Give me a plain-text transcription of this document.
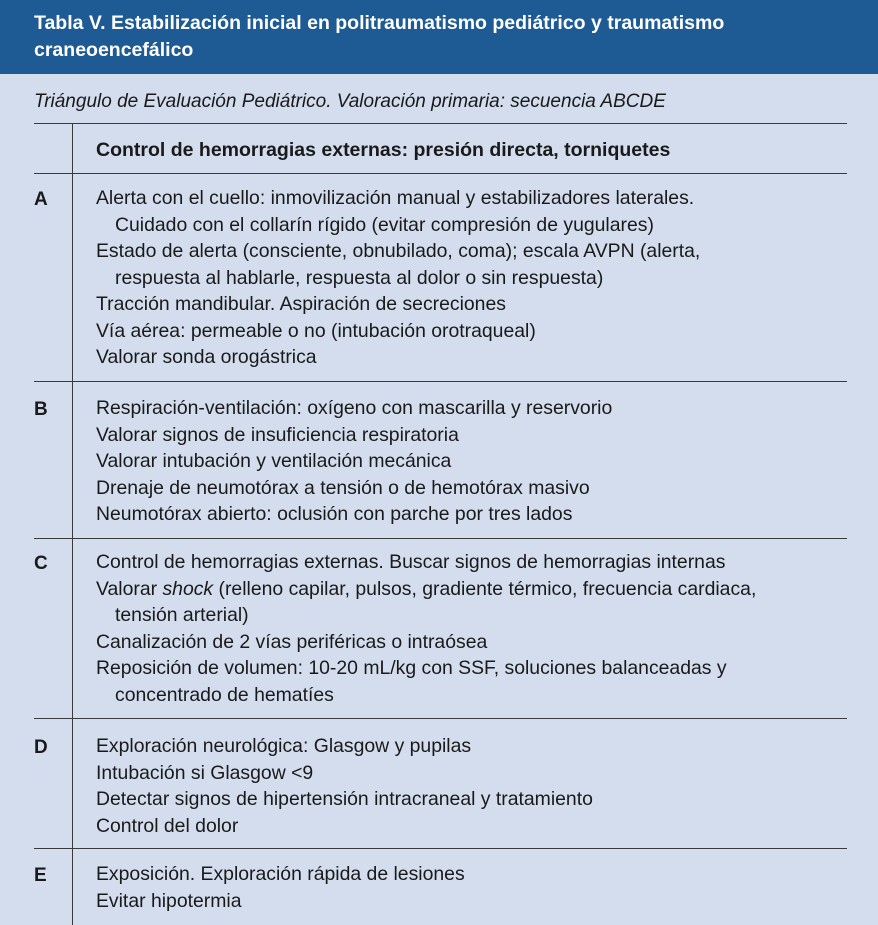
Tabla V. Estabilización inicial en politraumatismo pediátrico y traumatismo
craneoencefálico
Triángulo de Evaluación Pediátrico. Valoración primaria: secuencia ABCDE
Control de hemorragias externas: presión directa, torniquetes
A	Alerta con el cuello: inmovilización manual y estabilizadores laterales.
Cuidado con el collarín rígido (evitar compresión de yugulares)
Estado de alerta (consciente, obnubilado, coma); escala AVPN (alerta,
respuesta al hablarle, respuesta al dolor o sin respuesta)
Tracción mandibular. Aspiración de secreciones
Vía aérea: permeable o no (intubación orotraqueal)
Valorar sonda orogástrica
B	Respiración-ventilación: oxígeno con mascarilla y reservorio
Valorar signos de insuficiencia respiratoria
Valorar intubación y ventilación mecánica
Drenaje de neumotórax a tensión o de hemotórax masivo
Neumotórax abierto: oclusión con parche por tres lados
C	Control de hemorragias externas. Buscar signos de hemorragias internas
Valorar shock (relleno capilar, pulsos, gradiente térmico, frecuencia cardiaca,
tensión arterial)
Canalización de 2 vías periféricas o intraósea
Reposición de volumen: 10-20 mL/kg con SSF, soluciones balanceadas y
concentrado de hematíes
D	Exploración neurológica: Glasgow y pupilas
Intubación si Glasgow <9
Detectar signos de hipertensión intracraneal y tratamiento
Control del dolor
E	Exposición. Exploración rápida de lesiones
Evitar hipotermia
